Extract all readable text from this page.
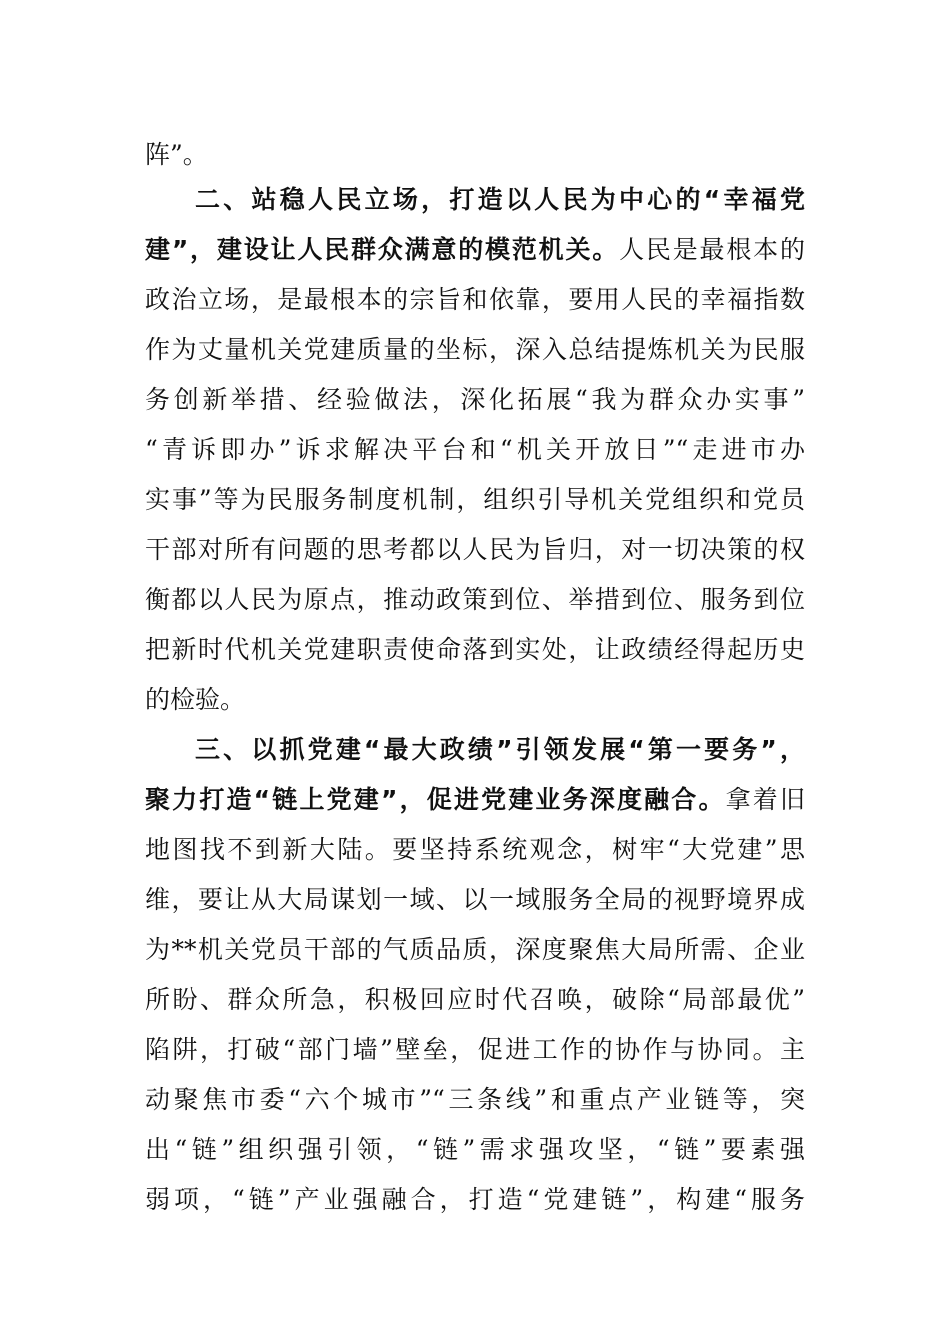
阵”。
二、站稳人民立场，打造以人民为中心的“幸福党
建”，建设让人民群众满意的模范机关。人民是最根本的
政治立场，是最根本的宗旨和依靠，要用人民的幸福指数
作为丈量机关党建质量的坐标，深入总结提炼机关为民服
务创新举措、经验做法，深化拓展“我为群众办实事”
“青诉即办”诉求解决平台和“机关开放日”“走进市办
实事”等为民服务制度机制，组织引导机关党组织和党员
干部对所有问题的思考都以人民为旨归，对一切决策的权
衡都以人民为原点，推动政策到位、举措到位、服务到位
把新时代机关党建职责使命落到实处，让政绩经得起历史
的检验。
三、以抓党建“最大政绩”引领发展“第一要务”，
聚力打造“链上党建”，促进党建业务深度融合。拿着旧
地图找不到新大陆。要坚持系统观念，树牢“大党建”思
维，要让从大局谋划一域、以一域服务全局的视野境界成
为**机关党员干部的气质品质，深度聚焦大局所需、企业
所盼、群众所急，积极回应时代召唤，破除“局部最优”
陷阱，打破“部门墙”壁垒，促进工作的协作与协同。主
动聚焦市委“六个城市”“三条线”和重点产业链等，突
出“链”组织强引领，“链”需求强攻坚，“链”要素强
弱项，“链”产业强融合，打造“党建链”，构建“服务
